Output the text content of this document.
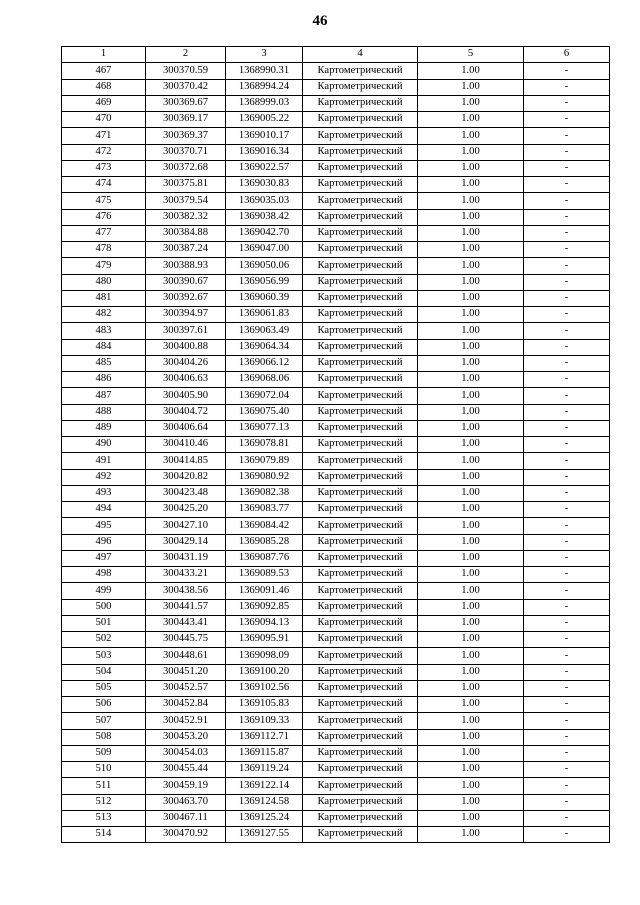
46
1	2	3	4	5	6
467	300370.59	1368990.31	Картометрический	1.00	-
468	300370.42	1368994.24	Картометрический	1.00	-
469	300369.67	1368999.03	Картометрический	1.00	-
470	300369.17	1369005.22	Картометрический	1.00	-
471	300369.37	1369010.17	Картометрический	1.00	-
472	300370.71	1369016.34	Картометрический	1.00	-
473	300372.68	1369022.57	Картометрический	1.00	-
474	300375.81	1369030.83	Картометрический	1.00	-
475	300379.54	1369035.03	Картометрический	1.00	-
476	300382.32	1369038.42	Картометрический	1.00	-
477	300384.88	1369042.70	Картометрический	1.00	-
478	300387.24	1369047.00	Картометрический	1.00	-
479	300388.93	1369050.06	Картометрический	1.00	-
480	300390.67	1369056.99	Картометрический	1.00	-
481	300392.67	1369060.39	Картометрический	1.00	-
482	300394.97	1369061.83	Картометрический	1.00	-
483	300397.61	1369063.49	Картометрический	1.00	-
484	300400.88	1369064.34	Картометрический	1.00	-
485	300404.26	1369066.12	Картометрический	1.00	-
486	300406.63	1369068.06	Картометрический	1.00	-
487	300405.90	1369072.04	Картометрический	1.00	-
488	300404.72	1369075.40	Картометрический	1.00	-
489	300406.64	1369077.13	Картометрический	1.00	-
490	300410.46	1369078.81	Картометрический	1.00	-
491	300414.85	1369079.89	Картометрический	1.00	-
492	300420.82	1369080.92	Картометрический	1.00	-
493	300423.48	1369082.38	Картометрический	1.00	-
494	300425.20	1369083.77	Картометрический	1.00	-
495	300427.10	1369084.42	Картометрический	1.00	-
496	300429.14	1369085.28	Картометрический	1.00	-
497	300431.19	1369087.76	Картометрический	1.00	-
498	300433.21	1369089.53	Картометрический	1.00	-
499	300438.56	1369091.46	Картометрический	1.00	-
500	300441.57	1369092.85	Картометрический	1.00	-
501	300443.41	1369094.13	Картометрический	1.00	-
502	300445.75	1369095.91	Картометрический	1.00	-
503	300448.61	1369098.09	Картометрический	1.00	-
504	300451.20	1369100.20	Картометрический	1.00	-
505	300452.57	1369102.56	Картометрический	1.00	-
506	300452.84	1369105.83	Картометрический	1.00	-
507	300452.91	1369109.33	Картометрический	1.00	-
508	300453.20	1369112.71	Картометрический	1.00	-
509	300454.03	1369115.87	Картометрический	1.00	-
510	300455.44	1369119.24	Картометрический	1.00	-
511	300459.19	1369122.14	Картометрический	1.00	-
512	300463.70	1369124.58	Картометрический	1.00	-
513	300467.11	1369125.24	Картометрический	1.00	-
514	300470.92	1369127.55	Картометрический	1.00	-
